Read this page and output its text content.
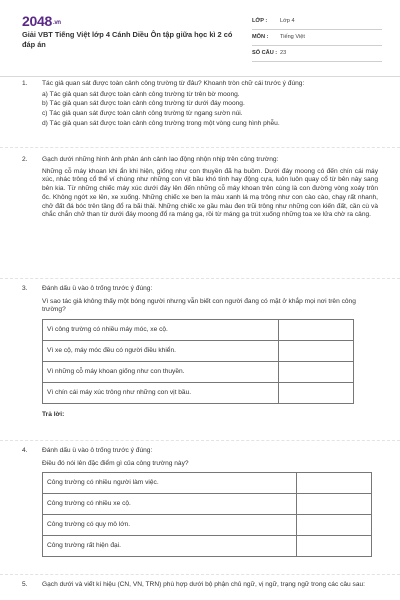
2048.vn
Giải VBT Tiếng Việt lớp 4 Cánh Diều Ôn tập giữa học kì 2 có đáp án
LỚP :	Lớp 4
MÔN :	Tiếng Việt
SỐ CÂU : 23
1.	Tác giả quan sát được toàn cảnh công trường từ đâu? Khoanh tròn chữ cái trước ý đúng:
a) Tác giả quan sát được toàn cảnh công trường từ trên bờ moong.
b) Tác giả quan sát được toàn cảnh công trường từ dưới đáy moong.
c) Tác giả quan sát được toàn cảnh công trường từ ngang sườn núi.
d) Tác giả quan sát được toàn cảnh công trường trong một vòng cung hình phễu.
2.	Gạch dưới những hình ảnh phản ánh cảnh lao động nhộn nhịp trên công trường:
Những cỗ máy khoan khi ẩn khi hiện, giống như con thuyền đã hạ buồm. Dưới đáy moong có đến chín cái máy xúc, nhác trông cổ thể ví chúng như những con vịt bầu khó tính hay động cựa, luôn luôn quay cổ từ bên này sang bên kia. Từ những chiếc máy xúc dưới đáy lên đến những cỗ máy khoan trên cùng là con đường vòng xoáy trôn ốc. Không ngớt xe lên, xe xuống. Những chiếc xe ben la màu xanh lá mạ trông như con cào cào, chạy rất nhanh, chở đất đá bóc trên tầng đổ ra bãi thải. Những chiếc xe gầu màu đen trũi trông như những con kiến đất, cần cù và chắc chắn chở than từ dưới đáy moong đổ ra máng ga, rồi từ máng ga trút xuống những toa xe lửa chờ ra cảng.
3.	Đánh dấu ü vào ô trống trước ý đúng:
Vì sao tác giả không thấy một bóng người nhưng vẫn biết con người đang có mặt ở khắp mọi nơi trên công trường?
Vì công trường có nhiều máy móc, xe cộ.	
Vì xe cộ, máy móc đều có người điều khiển.	
Vì những cỗ máy khoan giống như con thuyền.	
Vì chín cái máy xúc trông như những con vịt bầu.	
Trả lời:
4.	Đánh dấu ü vào ô trống trước ý đúng:
Điều đó nói lên đặc điểm gì của công trường này?
Công trường có nhiều người làm việc.	
Công trường có nhiều xe cộ.	
Công trường có quy mô lớn.	
Công trường rất hiện đại.	
5.	Gạch dưới và viết kí hiệu (CN, VN, TRN) phù hợp dưới bộ phận chủ ngữ, vị ngữ, trạng ngữ trong các câu sau:
